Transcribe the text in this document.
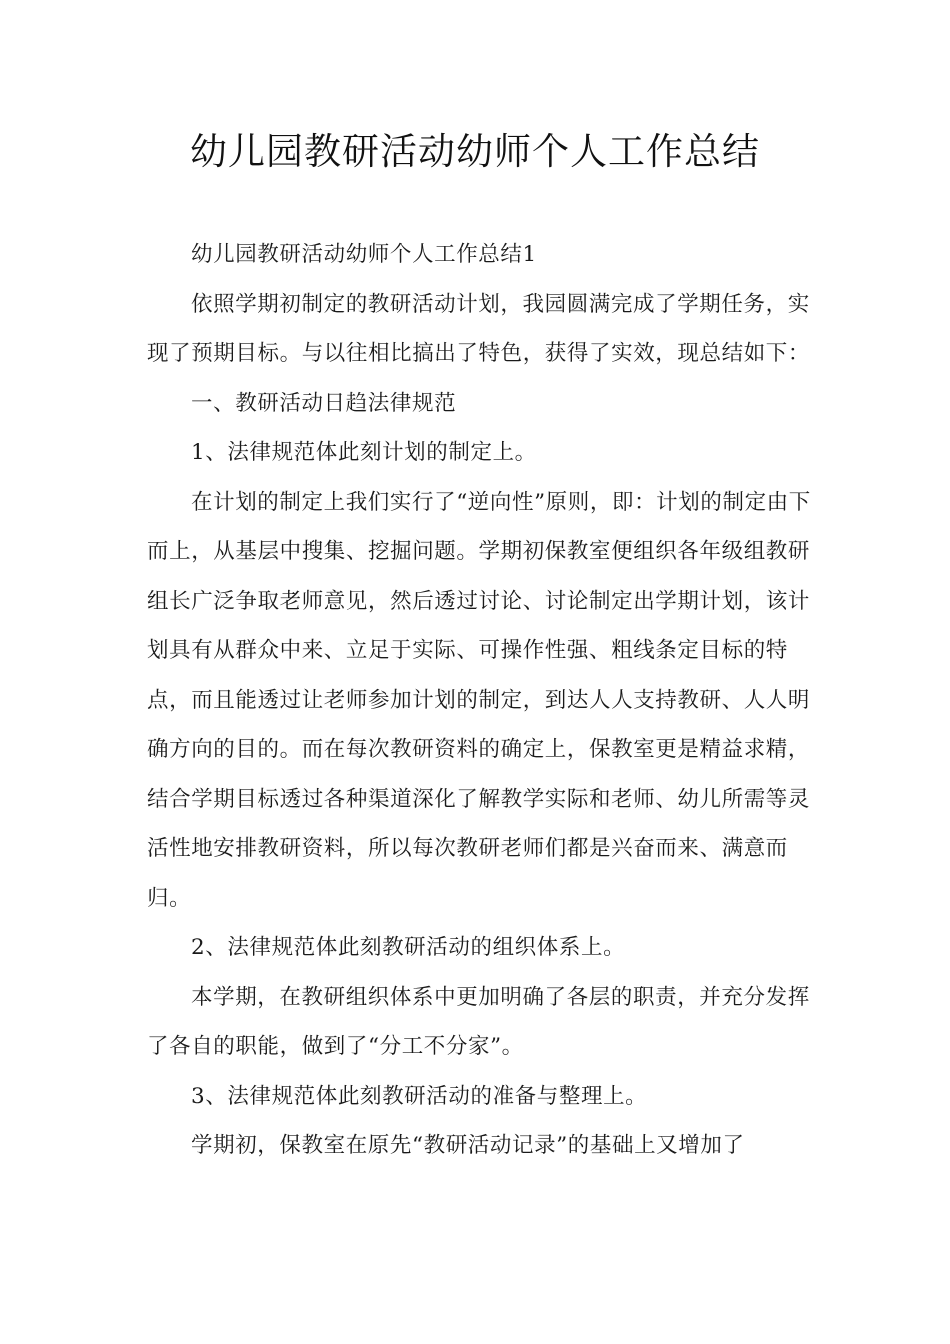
幼儿园教研活动幼师个人工作总结

幼儿园教研活动幼师个人工作总结1

依照学期初制定的教研活动计划，我园圆满完成了学期任务，实现了预期目标。与以往相比搞出了特色，获得了实效，现总结如下：

一、教研活动日趋法律规范

1、法律规范体此刻计划的制定上。

在计划的制定上我们实行了“逆向性”原则，即：计划的制定由下而上，从基层中搜集、挖掘问题。学期初保教室便组织各年级组教研组长广泛争取老师意见，然后透过讨论、讨论制定出学期计划，该计划具有从群众中来、立足于实际、可操作性强、粗线条定目标的特点，而且能透过让老师参加计划的制定，到达人人支持教研、人人明确方向的目的。而在每次教研资料的确定上，保教室更是精益求精，结合学期目标透过各种渠道深化了解教学实际和老师、幼儿所需等灵活性地安排教研资料，所以每次教研老师们都是兴奋而来、满意而归。

2、法律规范体此刻教研活动的组织体系上。

本学期，在教研组织体系中更加明确了各层的职责，并充分发挥了各自的职能，做到了“分工不分家”。

3、法律规范体此刻教研活动的准备与整理上。

学期初，保教室在原先“教研活动记录”的基础上又增加了
